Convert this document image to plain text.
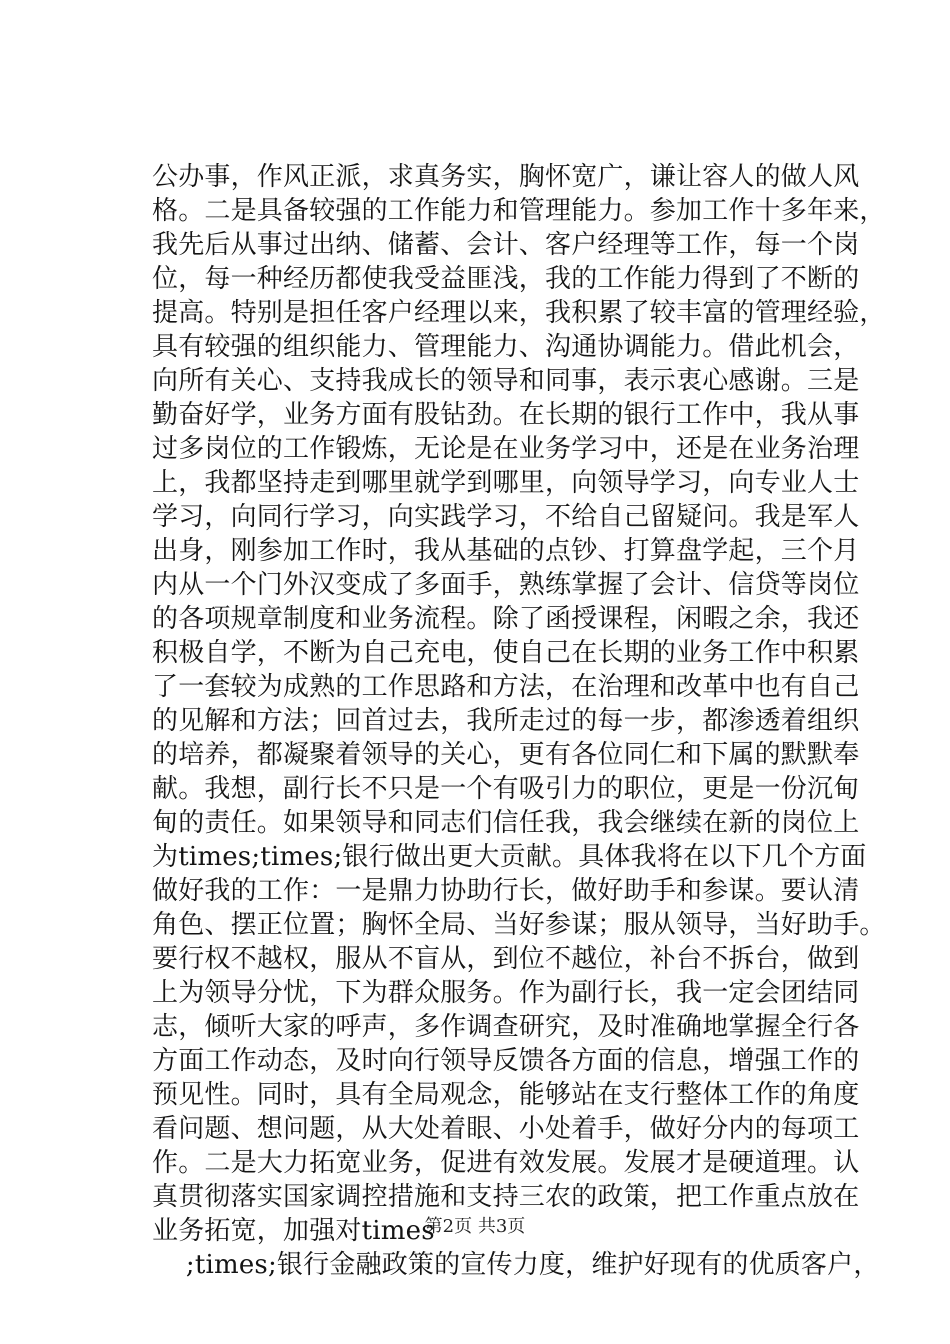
公办事，作风正派，求真务实，胸怀宽广，谦让容人的做人风
格。二是具备较强的工作能力和管理能力。参加工作十多年来，
我先后从事过出纳、储蓄、会计、客户经理等工作，每一个岗
位，每一种经历都使我受益匪浅，我的工作能力得到了不断的
提高。特别是担任客户经理以来，我积累了较丰富的管理经验，
具有较强的组织能力、管理能力、沟通协调能力。借此机会，
向所有关心、支持我成长的领导和同事，表示衷心感谢。三是
勤奋好学，业务方面有股钻劲。在长期的银行工作中，我从事
过多岗位的工作锻炼，无论是在业务学习中，还是在业务治理
上，我都坚持走到哪里就学到哪里，向领导学习，向专业人士
学习，向同行学习，向实践学习，不给自己留疑问。我是军人
出身，刚参加工作时，我从基础的点钞、打算盘学起，三个月
内从一个门外汉变成了多面手，熟练掌握了会计、信贷等岗位
的各项规章制度和业务流程。除了函授课程，闲暇之余，我还
积极自学，不断为自己充电，使自己在长期的业务工作中积累
了一套较为成熟的工作思路和方法，在治理和改革中也有自己
的见解和方法；回首过去，我所走过的每一步，都渗透着组织
的培养，都凝聚着领导的关心，更有各位同仁和下属的默默奉
献。我想，副行长不只是一个有吸引力的职位，更是一份沉甸
甸的责任。如果领导和同志们信任我，我会继续在新的岗位上
为times;times;银行做出更大贡献。具体我将在以下几个方面
做好我的工作：一是鼎力协助行长，做好助手和参谋。要认清
角色、摆正位置；胸怀全局、当好参谋；服从领导，当好助手。
要行权不越权，服从不盲从，到位不越位，补台不拆台，做到
上为领导分忧，下为群众服务。作为副行长，我一定会团结同
志，倾听大家的呼声，多作调查研究，及时准确地掌握全行各
方面工作动态，及时向行领导反馈各方面的信息，增强工作的
预见性。同时，具有全局观念，能够站在支行整体工作的角度
看问题、想问题，从大处着眼、小处着手，做好分内的每项工
作。二是大力拓宽业务，促进有效发展。发展才是硬道理。认
真贯彻落实国家调控措施和支持三农的政策，把工作重点放在
业务拓宽，加强对times
;times;银行金融政策的宣传力度，维护好现有的优质客户，
第2页 共3页
